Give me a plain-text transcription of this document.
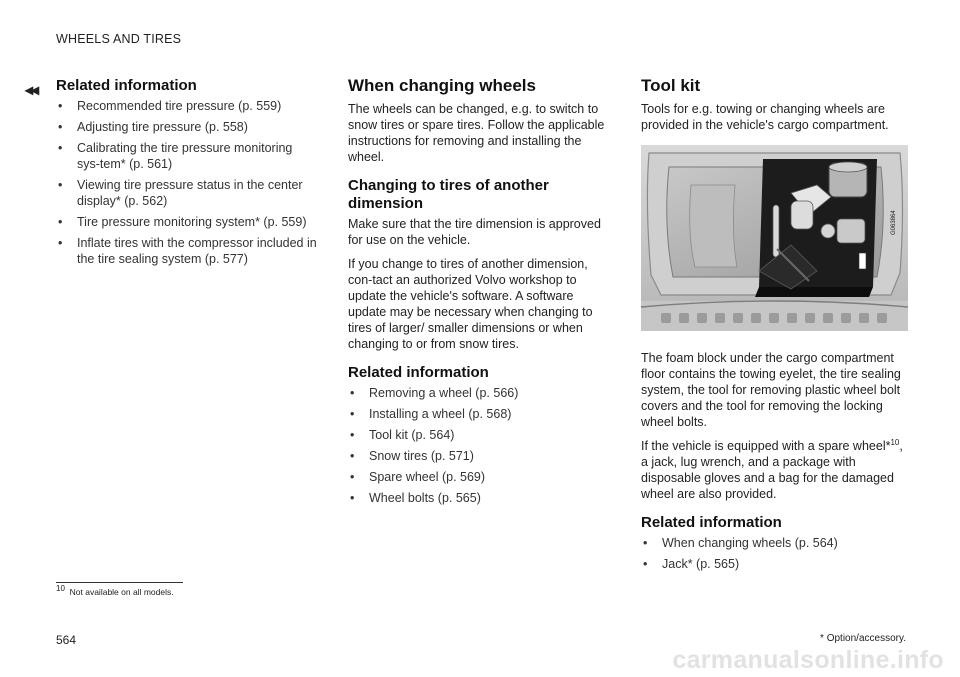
WHEELS AND TIRES
◂◂ Related information
• Recommended tire pressure (p. 559)
• Adjusting tire pressure (p. 558)
• Calibrating the tire pressure monitoring sys-tem* (p. 561)
• Viewing tire pressure status in the center display* (p. 562)
• Tire pressure monitoring system* (p. 559)
• Inflate tires with the compressor included in the tire sealing system (p. 577)
When changing wheels

The wheels can be changed, e.g. to switch to snow tires or spare tires. Follow the applicable instructions for removing and installing the wheel.

Changing to tires of another dimension

Make sure that the tire dimension is approved for use on the vehicle.

If you change to tires of another dimension, con-tact an authorized Volvo workshop to update the vehicle's software. A software update may be necessary when changing to tires of larger/ smaller dimensions or when changing to or from snow tires.

Related information
• Removing a wheel (p. 566)
• Installing a wheel (p. 568)
• Tool kit (p. 564)
• Snow tires (p. 571)
• Spare wheel (p. 569)
• Wheel bolts (p. 565)
Tool kit

Tools for e.g. towing or changing wheels are provided in the vehicle's cargo compartment.

G063864

The foam block under the cargo compartment floor contains the towing eyelet, the tire sealing system, the tool for removing plastic wheel bolt covers and the tool for removing the locking wheel bolts.

If the vehicle is equipped with a spare wheel*$^{10}$, a jack, lug wrench, and a package with disposable gloves and a bag for the damaged wheel are also provided.

Related information
• When changing wheels (p. 564)
• Jack* (p. 565)
$^{10}$ Not available on all models.
564	* Option/accessory.
carmanualsonline.info
